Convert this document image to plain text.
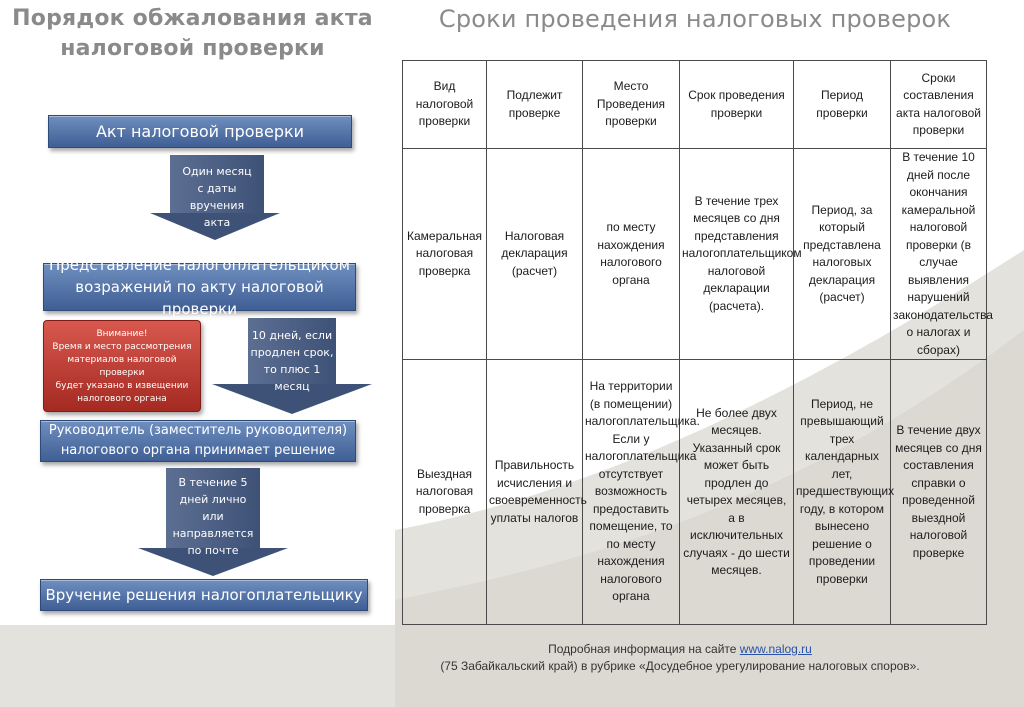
Порядок обжалования акта
налоговой проверки
Сроки проведения налоговых проверок
Акт налоговой проверки
Один месяц
с даты
вручения
акта
Представление налогоплательщиком
возражений по акту налоговой проверки
Внимание!
Время и место рассмотрения
материалов налоговой проверки
будет указано в извещении
налогового органа
10 дней, если
продлен срок,
то плюс 1
месяц
Руководитель (заместитель руководителя)
налогового органа принимает решение
В течение 5
дней лично
или
направляется
по почте
Вручение решения налогоплательщику
Вид налоговой проверки	Подлежит проверке	Место Проведения проверки	Срок проведения проверки	Период проверки	Сроки составления акта налоговой проверки
Камеральная налоговая проверка	Налоговая декларация (расчет)	по месту нахождения налогового органа	В течение трех месяцев со дня представления налогоплательщиком налоговой декларации (расчета).	Период, за который представлена налоговых декларация (расчет)	В течение 10 дней после окончания камеральной налоговой проверки (в случае выявления нарушений законодательства о налогах и сборах)
Выездная налоговая проверка	Правильность исчисления и своевременность уплаты налогов	На территории (в помещении) налогоплательщика. Если у налогоплательщика отсутствует возможность предоставить помещение, то по месту нахождения налогового органа	Не более двух месяцев. Указанный срок может быть продлен до четырех месяцев, а в исключительных случаях - до шести месяцев.	Период, не превышающий трех календарных лет, предшествующих году, в котором вынесено решение о проведении проверки	В течение двух месяцев со дня составления справки о проведенной выездной налоговой проверке
Подробная информация на сайте www.nalog.ru
(75 Забайкальский край) в рубрике «Досудебное урегулирование налоговых споров».
